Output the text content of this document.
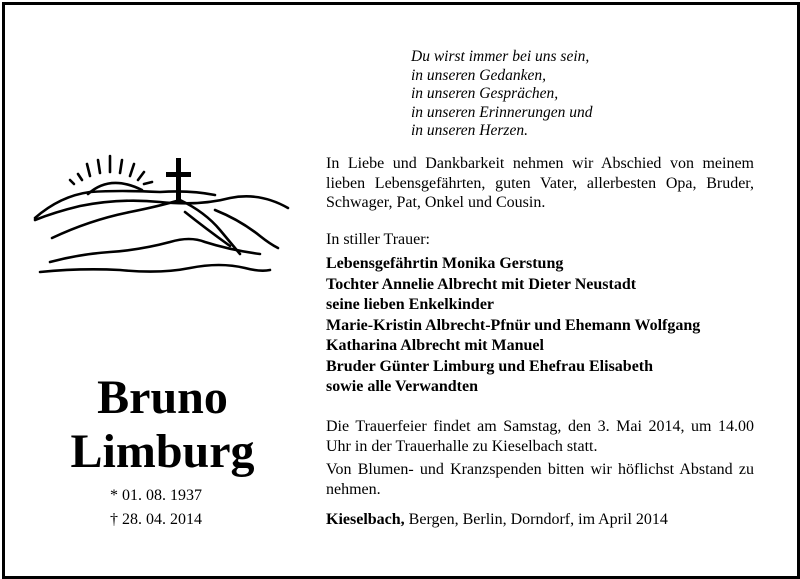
Du wirst immer bei uns sein,
in unseren Gedanken,
in unseren Gesprächen,
in unseren Erinnerungen und
in unseren Herzen.
Bruno
Limburg
* 01. 08. 1937
† 28. 04. 2014

In Liebe und Dankbarkeit nehmen wir Abschied von meinem lieben Lebensgefährten, guten Vater, allerbesten Opa, Bruder, Schwager, Pat, Onkel und Cousin.

In stiller Trauer:
Lebensgefährtin Monika Gerstung
Tochter Annelie Albrecht mit Dieter Neustadt
seine lieben Enkelkinder
Marie-Kristin Albrecht-Pfnür und Ehemann Wolfgang
Katharina Albrecht mit Manuel
Bruder Günter Limburg und Ehefrau Elisabeth
sowie alle Verwandten

Die Trauerfeier findet am Samstag, den 3. Mai 2014, um 14.00 Uhr in der Trauerhalle zu Kieselbach statt.

Von Blumen- und Kranzspenden bitten wir höflichst Abstand zu nehmen.

Kieselbach, Bergen, Berlin, Dorndorf, im April 2014
